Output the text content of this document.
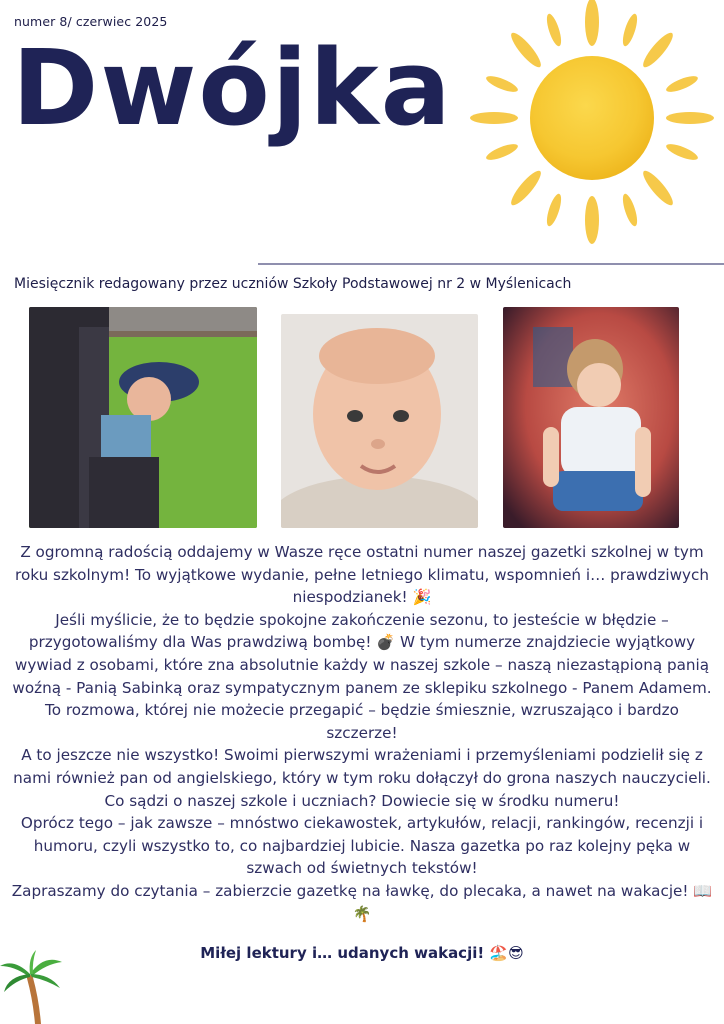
numer 8/ czerwiec 2025
Dwójka
Miesięcznik redagowany przez uczniów Szkoły Podstawowej nr 2 w Myślenicach

Z ogromną radością oddajemy w Wasze ręce ostatni numer naszej gazetki szkolnej w tym roku szkolnym! To wyjątkowe wydanie, pełne letniego klimatu, wspomnień i… prawdziwych niespodzianek! 🎉

Jeśli myślicie, że to będzie spokojne zakończenie sezonu, to jesteście w błędzie – przygotowaliśmy dla Was prawdziwą bombę! 💣 W tym numerze znajdziecie wyjątkowy wywiad z osobami, które zna absolutnie każdy w naszej szkole – naszą niezastąpioną panią woźną - Panią Sabinką oraz sympatycznym panem ze sklepiku szkolnego - Panem Adamem. To rozmowa, której nie możecie przegapić – będzie śmiesznie, wzruszająco i bardzo szczerze!

A to jeszcze nie wszystko! Swoimi pierwszymi wrażeniami i przemyśleniami podzielił się z nami również pan od angielskiego, który w tym roku dołączył do grona naszych nauczycieli. Co sądzi o naszej szkole i uczniach? Dowiecie się w środku numeru!

Oprócz tego – jak zawsze – mnóstwo ciekawostek, artykułów, relacji, rankingów, recenzji i humoru, czyli wszystko to, co najbardziej lubicie. Nasza gazetka po raz kolejny pęka w szwach od świetnych tekstów!

Zapraszamy do czytania – zabierzcie gazetkę na ławkę, do plecaka, a nawet na wakacje! 📖🌴

Miłej lektury i… udanych wakacji! 🏖️😎
